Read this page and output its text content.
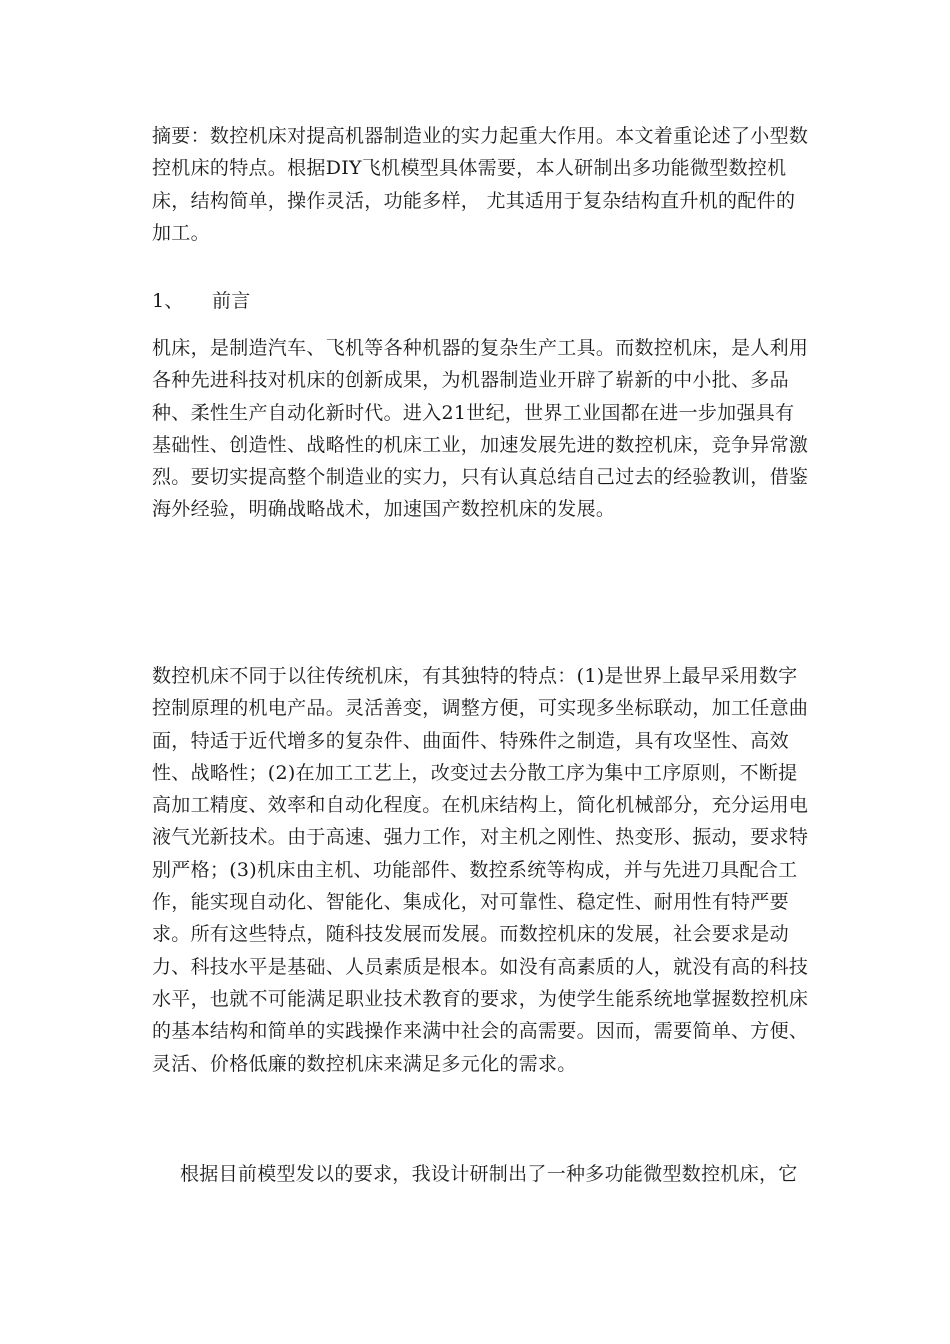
摘要：数控机床对提高机器制造业的实力起重大作用。本文着重论述了小型数控机床的特点。根据DIY飞机模型具体需要，本人研制出多功能微型数控机床，结构简单，操作灵活，功能多样， 尤其适用于复杂结构直升机的配件的加工。

1、 前言

机床，是制造汽车、飞机等各种机器的复杂生产工具。而数控机床，是人利用各种先进科技对机床的创新成果，为机器制造业开辟了崭新的中小批、多品种、柔性生产自动化新时代。进入21世纪，世界工业国都在进一步加强具有基础性、创造性、战略性的机床工业，加速发展先进的数控机床，竞争异常激烈。要切实提高整个制造业的实力，只有认真总结自己过去的经验教训，借鉴海外经验，明确战略战术，加速国产数控机床的发展。

数控机床不同于以往传统机床，有其独特的特点：(1)是世界上最早采用数字控制原理的机电产品。灵活善变，调整方便，可实现多坐标联动，加工任意曲面，特适于近代增多的复杂件、曲面件、特殊件之制造，具有攻坚性、高效性、战略性；(2)在加工工艺上，改变过去分散工序为集中工序原则，不断提高加工精度、效率和自动化程度。在机床结构上，简化机械部分，充分运用电液气光新技术。由于高速、强力工作，对主机之刚性、热变形、振动，要求特别严格；(3)机床由主机、功能部件、数控系统等构成，并与先进刀具配合工作，能实现自动化、智能化、集成化，对可靠性、稳定性、耐用性有特严要求。所有这些特点，随科技发展而发展。而数控机床的发展，社会要求是动力、科技水平是基础、人员素质是根本。如没有高素质的人，就没有高的科技水平，也就不可能满足职业技术教育的要求，为使学生能系统地掌握数控机床的基本结构和简单的实践操作来满中社会的高需要。因而，需要简单、方便、灵活、价格低廉的数控机床来满足多元化的需求。

根据目前模型发以的要求，我设计研制出了一种多功能微型数控机床，它
